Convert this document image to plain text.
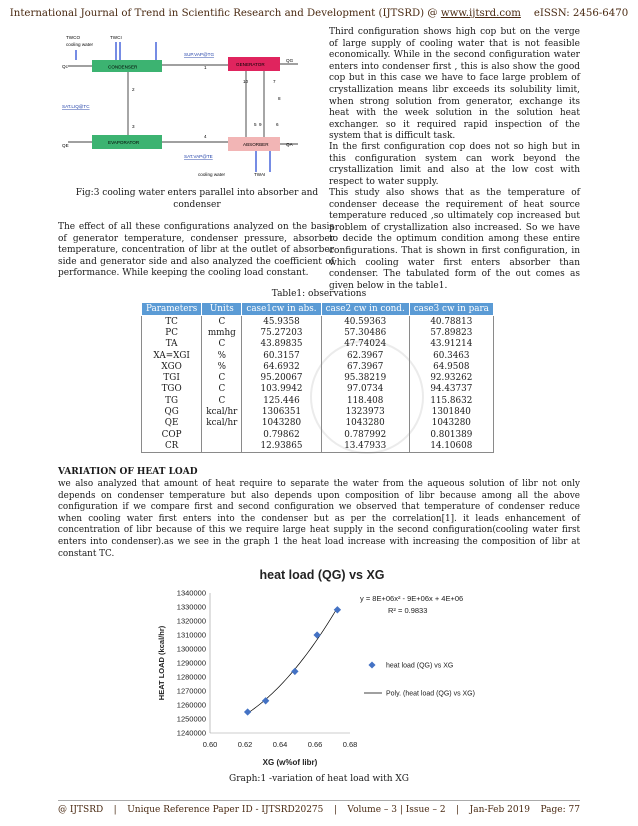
International Journal of Trend in Scientific Research and Development (IJTSRD) @ www.ijtsrd.com eISSN: 2456-6470
CONDENSER	GENERATOR
EVAPORATOR	ABSORBER
TWCO	TWCI
cooling water
Qc
QG
SUP.VAP@TG
SAT.LIQ@TC
QE	QA
SAT.VAP@TE
cooling water	TWAI
1
2
3
4
5	6
7
8
9
10
Fig:3 cooling water enters parallel into absorber and condenser

The effect of all these configurations analyzed on the basis of generator temperature, condenser pressure, absorber temperature, concentration of libr at the outlet of absorber side and generator side and also analyzed the coefficient of performance. While keeping the cooling load constant.

Third configuration shows high cop but on the verge of large supply of cooling water that is not feasible economically. While in the second configuration water enters into condenser first , this is also show the good cop but in this case we have to face large problem of crystallization means libr exceeds its solubility limit, when strong solution from generator, exchange its heat with the week solution in the solution heat exchanger. so it required rapid inspection of the system that is difficult task.

In the first configuration cop does not so high but in this configuration system can work beyond the crystallization limit and also at the low cost with respect to water supply.

This study also shows that as the temperature of condenser decease the requirement of heat source temperature reduced ,so ultimately cop increased but problem of crystallization also increased. So we have to decide the optimum condition among these entire configurations. That is shown in first configuration, in which cooling water first enters absorber than condenser. The tabulated form of the out comes as given below in the table1.

Table1: observations
Parameters	Units	case1cw in abs.	case2 cw in cond.	case3 cw in para
TC	C	45.9358	40.59363	40.78813
PC	mmhg	75.27203	57.30486	57.89823
TA	C	43.89835	47.74024	43.91214
XA=XGI	%	60.3157	62.3967	60.3463
XGO	%	64.6932	67.3967	64.9508
TGI	C	95.20067	95.38219	92.93262
TGO	C	103.9942	97.0734	94.43737
TG	C	125.446	118.408	115.8632
QG	kcal/hr	1306351	1323973	1301840
QE	kcal/hr	1043280	1043280	1043280
COP		0.79862	0.787992	0.801389
CR		12.93865	13.47933	14.10608
VARIATION OF HEAT LOAD

we also analyzed that amount of heat require to separate the water from the aqueous solution of libr not only depends on condenser temperature but also depends upon composition of libr because among all the above configuration if we compare first and second configuration we observed that temperature of condenser reduce when cooling water first enters into the condenser but as per the correlation[1]. it leads enhancement of concentration of libr because of this we require large heat supply in the second configuration(cooling water first enters into condenser).as we see in the graph 1 the heat load increase with increasing the composition of libr at constant TC.

heat load (QG) vs XG
1240000
1250000
1260000
1270000
1280000
1290000
1300000
1310000
1320000
1330000
1340000
0.60	0.62	0.64	0.66	0.68
XG (w%of libr)
HEAT LOAD (kcal/hr)
y = 8E+06x² - 9E+06x + 4E+06
R² = 0.9833
heat load (QG) vs XG
Poly. (heat load (QG) vs XG)
Graph:1 -variation of heat load with XG
@ IJTSRD | Unique Reference Paper ID - IJTSRD20275 | Volume – 3 | Issue – 2 | Jan-Feb 2019 Page: 77
